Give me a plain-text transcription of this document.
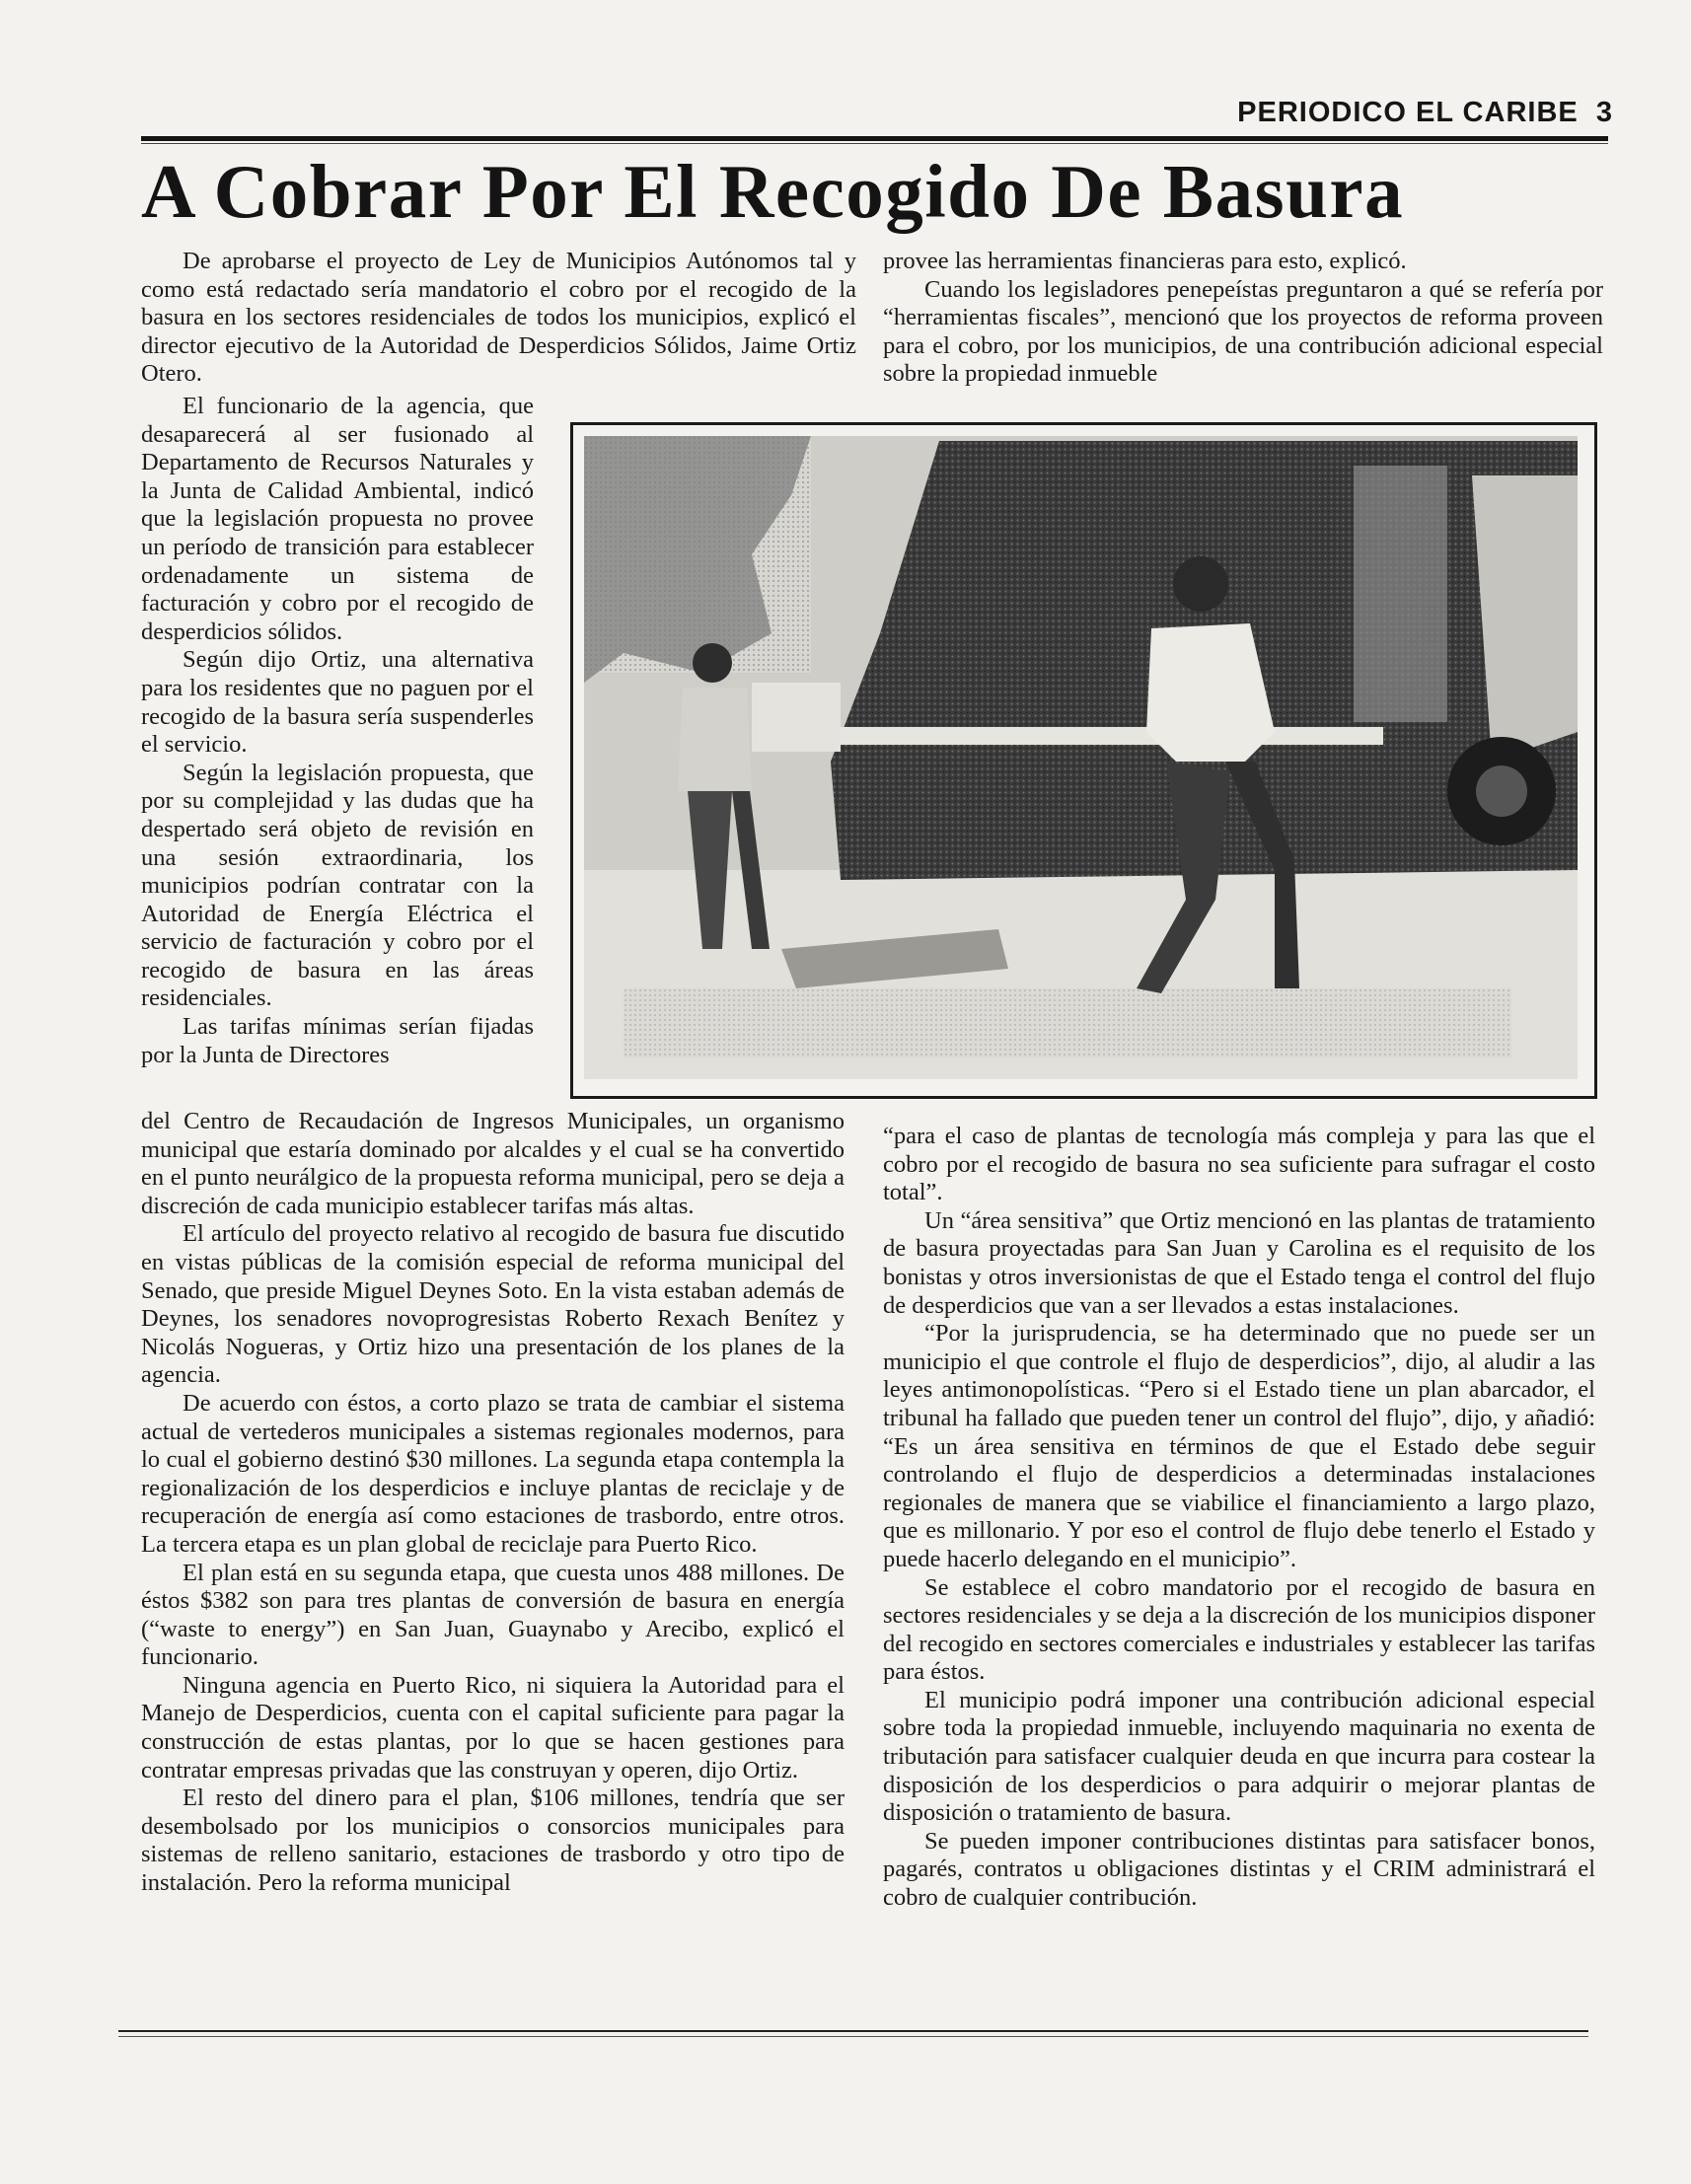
PERIODICO EL CARIBE 3
A Cobrar Por El Recogido De Basura

De aprobarse el proyecto de Ley de Municipios Autónomos tal y como está redactado sería mandatorio el cobro por el recogido de la basura en los sectores residenciales de todos los municipios, explicó el director ejecutivo de la Autoridad de Desperdicios Sólidos, Jaime Ortiz Otero.

El funcionario de la agencia, que desaparecerá al ser fusionado al Departamento de Recursos Naturales y la Junta de Calidad Ambiental, indicó que la legislación propuesta no provee un período de transición para establecer ordenadamente un sistema de facturación y cobro por el recogido de desperdicios sólidos.

Según dijo Ortiz, una alternativa para los residentes que no paguen por el recogido de la basura sería suspenderles el servicio.

Según la legislación propuesta, que por su complejidad y las dudas que ha despertado será objeto de revisión en una sesión extraordinaria, los municipios podrían contratar con la Autoridad de Energía Eléctrica el servicio de facturación y cobro por el recogido de basura en las áreas residenciales.

Las tarifas mínimas serían fijadas por la Junta de Directores

del Centro de Recaudación de Ingresos Municipales, un organismo municipal que estaría dominado por alcaldes y el cual se ha convertido en el punto neurálgico de la propuesta reforma municipal, pero se deja a discreción de cada municipio establecer tarifas más altas.

El artículo del proyecto relativo al recogido de basura fue discutido en vistas públicas de la comisión especial de reforma municipal del Senado, que preside Miguel Deynes Soto. En la vista estaban además de Deynes, los senadores novoprogresistas Roberto Rexach Benítez y Nicolás Nogueras, y Ortiz hizo una presentación de los planes de la agencia.

De acuerdo con éstos, a corto plazo se trata de cambiar el sistema actual de vertederos municipales a sistemas regionales modernos, para lo cual el gobierno destinó $30 millones. La segunda etapa contempla la regionalización de los desperdicios e incluye plantas de reciclaje y de recuperación de energía así como estaciones de trasbordo, entre otros. La tercera etapa es un plan global de reciclaje para Puerto Rico.

El plan está en su segunda etapa, que cuesta unos 488 millones. De éstos $382 son para tres plantas de conversión de basura en energía (“waste to energy”) en San Juan, Guaynabo y Arecibo, explicó el funcionario.

Ninguna agencia en Puerto Rico, ni siquiera la Autoridad para el Manejo de Desperdicios, cuenta con el capital suficiente para pagar la construcción de estas plantas, por lo que se hacen gestiones para contratar empresas privadas que las construyan y operen, dijo Ortiz.

El resto del dinero para el plan, $106 millones, tendría que ser desembolsado por los municipios o consorcios municipales para sistemas de relleno sanitario, estaciones de trasbordo y otro tipo de instalación. Pero la reforma municipal

provee las herramientas financieras para esto, explicó.

Cuando los legisladores penepeístas preguntaron a qué se refería por “herramientas fiscales”, mencionó que los proyectos de reforma proveen para el cobro, por los municipios, de una contribución adicional especial sobre la propiedad inmueble

“para el caso de plantas de tecnología más compleja y para las que el cobro por el recogido de basura no sea suficiente para sufragar el costo total”.

Un “área sensitiva” que Ortiz mencionó en las plantas de tratamiento de basura proyectadas para San Juan y Carolina es el requisito de los bonistas y otros inversionistas de que el Estado tenga el control del flujo de desperdicios que van a ser llevados a estas instalaciones.

“Por la jurisprudencia, se ha determinado que no puede ser un municipio el que controle el flujo de desperdicios”, dijo, al aludir a las leyes antimonopolísticas. “Pero si el Estado tiene un plan abarcador, el tribunal ha fallado que pueden tener un control del flujo”, dijo, y añadió: “Es un área sensitiva en términos de que el Estado debe seguir controlando el flujo de desperdicios a determinadas instalaciones regionales de manera que se viabilice el financiamiento a largo plazo, que es millonario. Y por eso el control de flujo debe tenerlo el Estado y puede hacerlo delegando en el municipio”.

Se establece el cobro mandatorio por el recogido de basura en sectores residenciales y se deja a la discreción de los municipios disponer del recogido en sectores comerciales e industriales y establecer las tarifas para éstos.

El municipio podrá imponer una contribución adicional especial sobre toda la propiedad inmueble, incluyendo maquinaria no exenta de tributación para satisfacer cualquier deuda en que incurra para costear la disposición de los desperdicios o para adquirir o mejorar plantas de disposición o tratamiento de basura.

Se pueden imponer contribuciones distintas para satisfacer bonos, pagarés, contratos u obligaciones distintas y el CRIM administrará el cobro de cualquier contribución.
